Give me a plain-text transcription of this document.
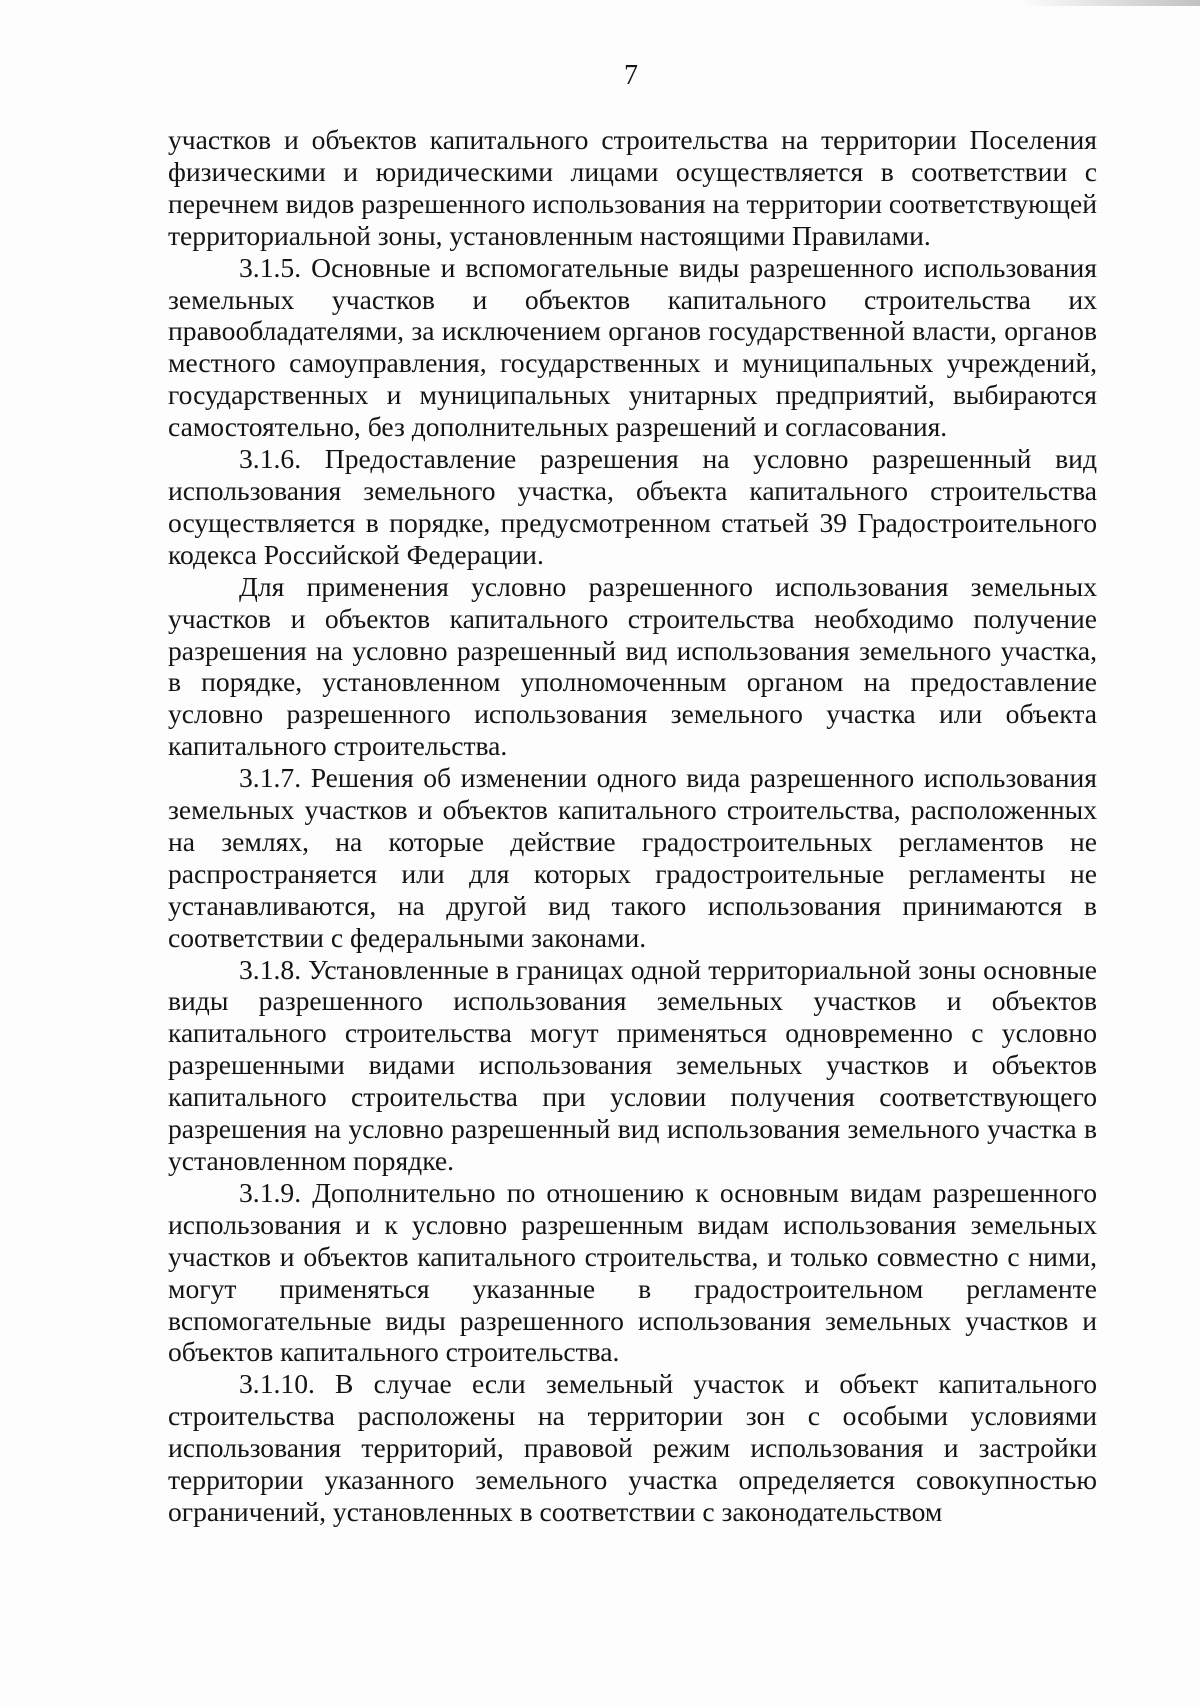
7

участков и объектов капитального строительства на территории Поселения физическими и юридическими лицами осуществляется в соответствии с перечнем видов разрешенного использования на территории соответствующей территориальной зоны, установленным настоящими Правилами.

3.1.5. Основные и вспомогательные виды разрешенного использования земельных участков и объектов капитального строительства их правообладателями, за исключением органов государственной власти, органов местного самоуправления, государственных и муниципальных учреждений, государственных и муниципальных унитарных предприятий, выбираются самостоятельно, без дополнительных разрешений и согласования.

3.1.6. Предоставление разрешения на условно разрешенный вид использования земельного участка, объекта капитального строительства осуществляется в порядке, предусмотренном статьей 39 Градостроительного кодекса Российской Федерации.

Для применения условно разрешенного использования земельных участков и объектов капитального строительства необходимо получение разрешения на условно разрешенный вид использования земельного участка, в порядке, установленном уполномоченным органом на предоставление условно разрешенного использования земельного участка или объекта капитального строительства.

3.1.7. Решения об изменении одного вида разрешенного использования земельных участков и объектов капитального строительства, расположенных на землях, на которые действие градостроительных регламентов не распространяется или для которых градостроительные регламенты не устанавливаются, на другой вид такого использования принимаются в соответствии с федеральными законами.

3.1.8. Установленные в границах одной территориальной зоны основные виды разрешенного использования земельных участков и объектов капитального строительства могут применяться одновременно с условно разрешенными видами использования земельных участков и объектов капитального строительства при условии получения соответствующего разрешения на условно разрешенный вид использования земельного участка в установленном порядке.

3.1.9. Дополнительно по отношению к основным видам разрешенного использования и к условно разрешенным видам использования земельных участков и объектов капитального строительства, и только совместно с ними, могут применяться указанные в градостроительном регламенте вспомогательные виды разрешенного использования земельных участков и объектов капитального строительства.

3.1.10. В случае если земельный участок и объект капитального строительства расположены на территории зон с особыми условиями использования территорий, правовой режим использования и застройки территории указанного земельного участка определяется совокупностью ограничений, установленных в соответствии с законодательством
